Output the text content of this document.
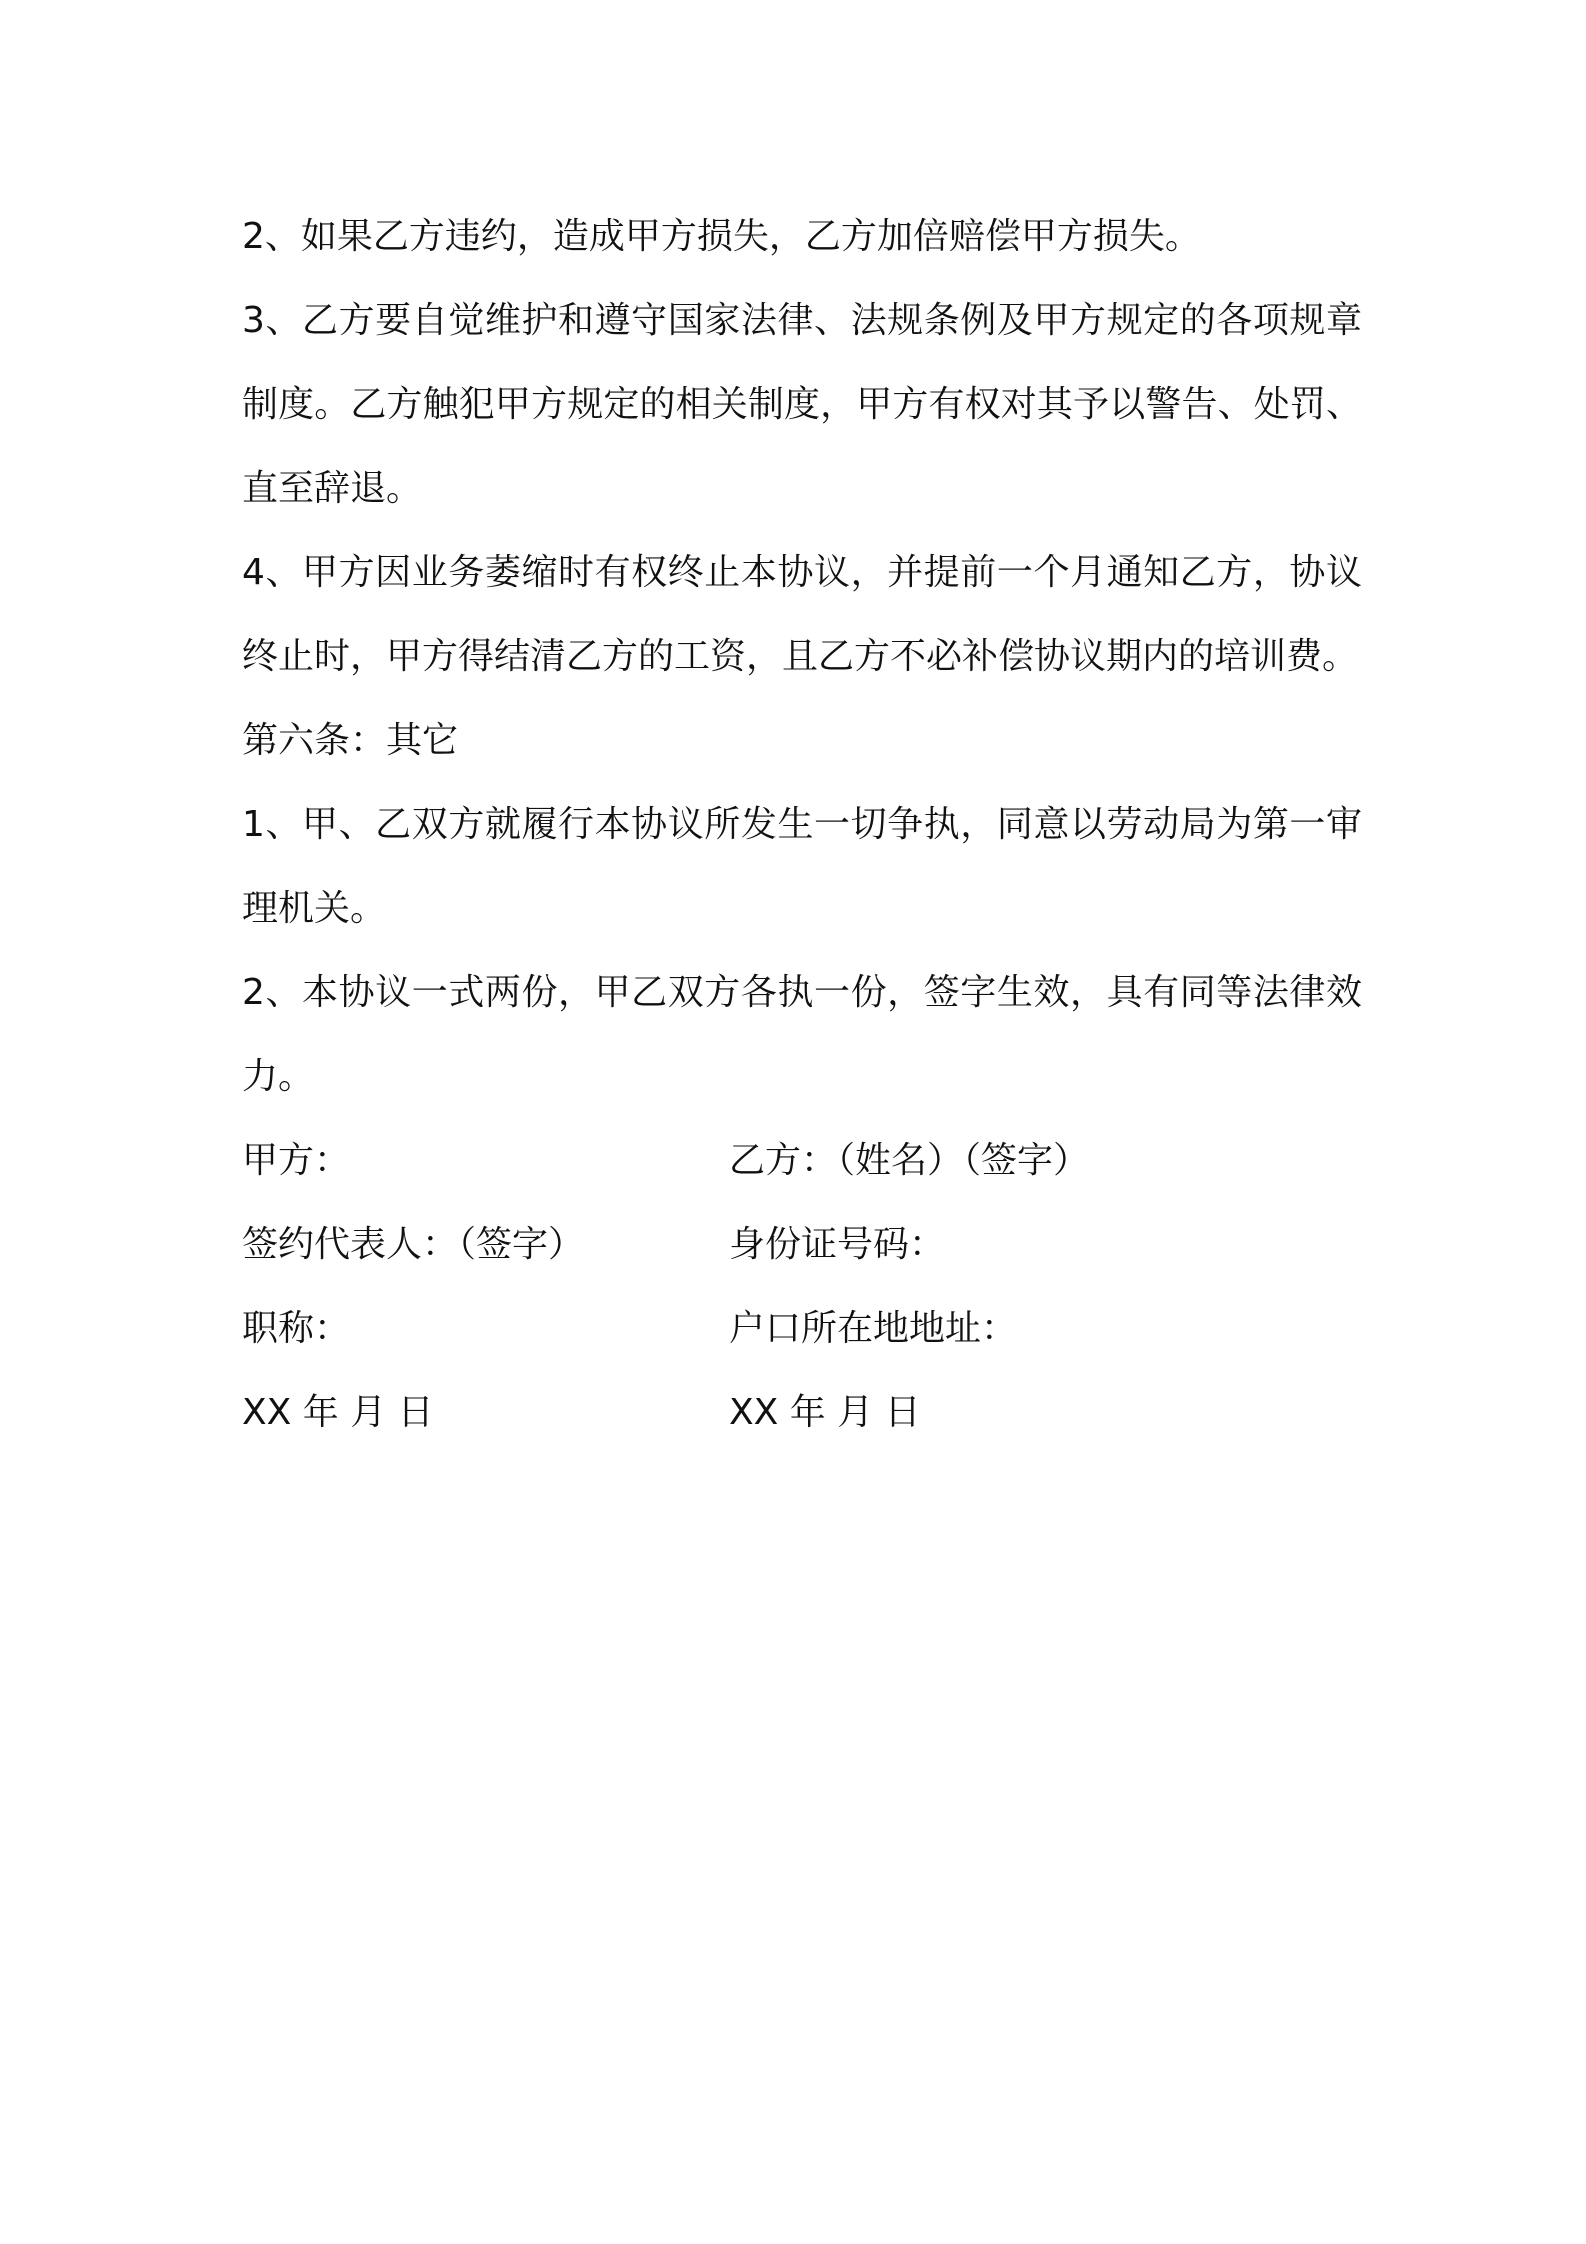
2、如果乙方违约，造成甲方损失，乙方加倍赔偿甲方损失。

3、乙方要自觉维护和遵守国家法律、法规条例及甲方规定的各项规章制度。乙方触犯甲方规定的相关制度，甲方有权对其予以警告、处罚、直至辞退。

4、甲方因业务萎缩时有权终止本协议，并提前一个月通知乙方，协议终止时，甲方得结清乙方的工资，且乙方不必补偿协议期内的培训费。

第六条：其它

1、甲、乙双方就履行本协议所发生一切争执，同意以劳动局为第一审理机关。

2、本协议一式两份，甲乙双方各执一份，签字生效，具有同等法律效力。

甲方：	乙方：（姓名）（签字）
签约代表人：（签字）	身份证号码：
职称：	户口所在地地址：
XX 年 月 日	XX 年 月 日
